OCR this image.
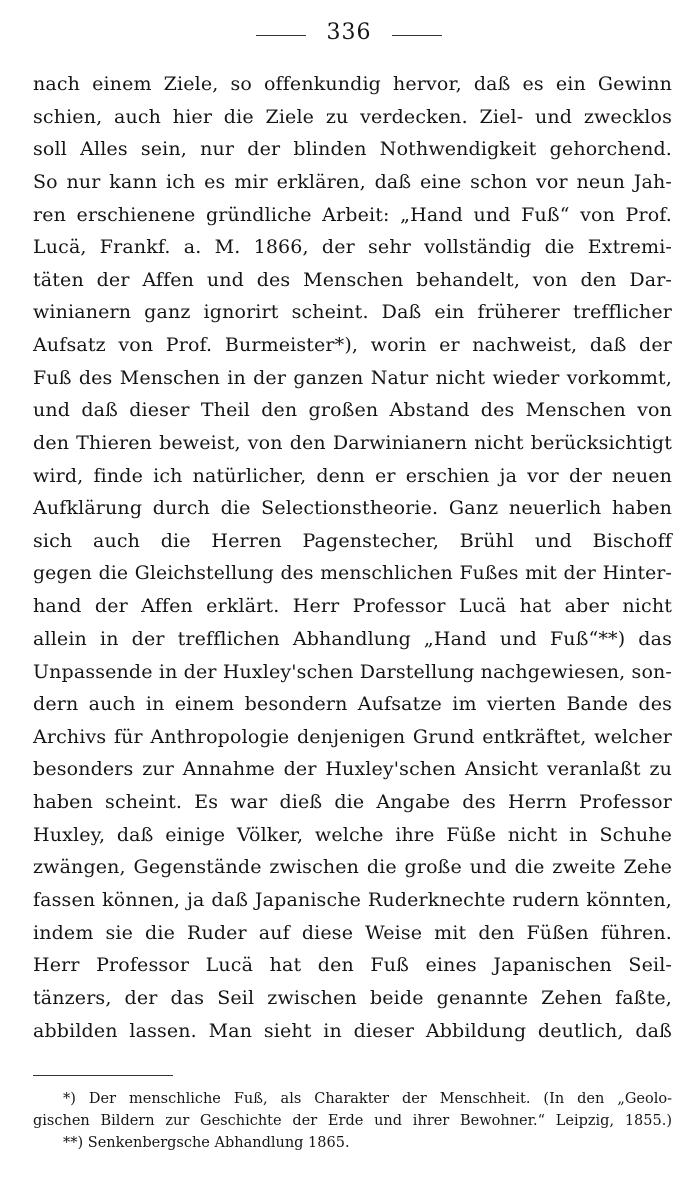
336
nach einem Ziele, so offenkundig hervor, daß es ein Gewinn
schien, auch hier die Ziele zu verdecken. Ziel- und zwecklos
soll Alles sein, nur der blinden Nothwendigkeit gehorchend.
So nur kann ich es mir erklären, daß eine schon vor neun Jah-
ren erschienene gründliche Arbeit: „Hand und Fuß“ von Prof.
Lucä, Frankf. a. M. 1866, der sehr vollständig die Extremi-
täten der Affen und des Menschen behandelt, von den Dar-
winianern ganz ignorirt scheint. Daß ein früherer trefflicher
Aufsatz von Prof. Burmeister*), worin er nachweist, daß der
Fuß des Menschen in der ganzen Natur nicht wieder vorkommt,
und daß dieser Theil den großen Abstand des Menschen von
den Thieren beweist, von den Darwinianern nicht berücksichtigt
wird, finde ich natürlicher, denn er erschien ja vor der neuen
Aufklärung durch die Selectionstheorie. Ganz neuerlich haben
sich auch die Herren Pagenstecher, Brühl und Bischoff
gegen die Gleichstellung des menschlichen Fußes mit der Hinter-
hand der Affen erklärt. Herr Professor Lucä hat aber nicht
allein in der trefflichen Abhandlung „Hand und Fuß“**) das
Unpassende in der Huxley'schen Darstellung nachgewiesen, son-
dern auch in einem besondern Aufsatze im vierten Bande des
Archivs für Anthropologie denjenigen Grund entkräftet, welcher
besonders zur Annahme der Huxley'schen Ansicht veranlaßt zu
haben scheint. Es war dieß die Angabe des Herrn Professor
Huxley, daß einige Völker, welche ihre Füße nicht in Schuhe
zwängen, Gegenstände zwischen die große und die zweite Zehe
fassen können, ja daß Japanische Ruderknechte rudern könnten,
indem sie die Ruder auf diese Weise mit den Füßen führen.
Herr Professor Lucä hat den Fuß eines Japanischen Seil-
tänzers, der das Seil zwischen beide genannte Zehen faßte,
abbilden lassen. Man sieht in dieser Abbildung deutlich, daß
*) Der menschliche Fuß, als Charakter der Menschheit. (In den „Geolo-
gischen Bildern zur Geschichte der Erde und ihrer Bewohner.“ Leipzig, 1855.)
**) Senkenbergsche Abhandlung 1865.
